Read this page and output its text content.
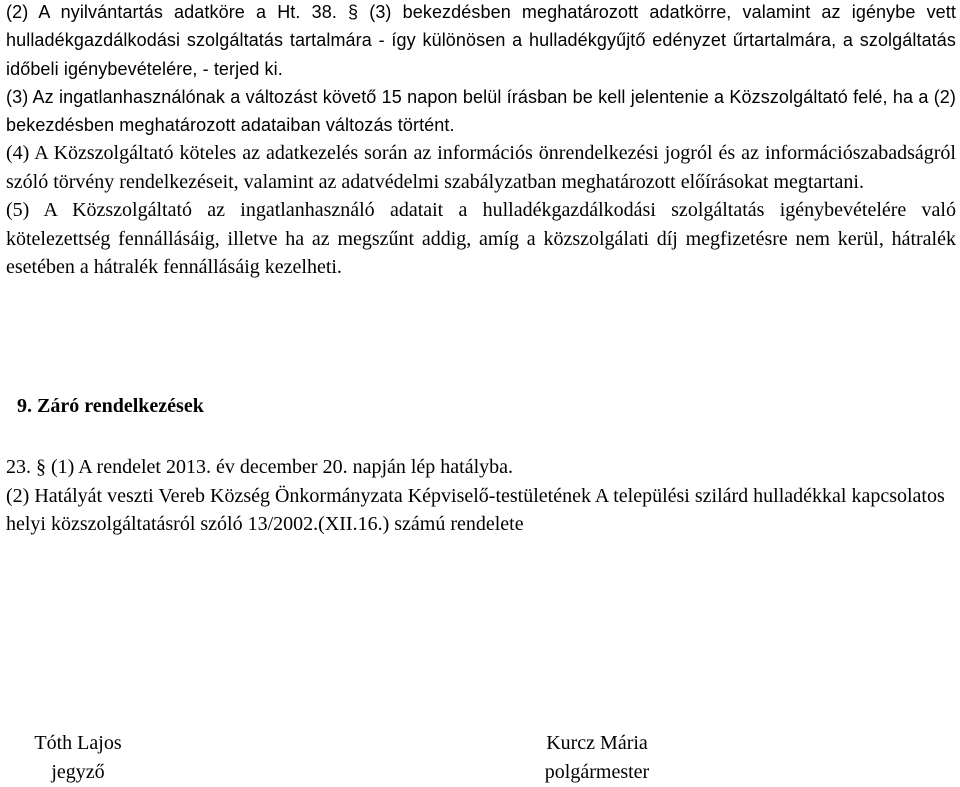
(2) A nyilvántartás adatköre a Ht. 38. § (3) bekezdésben meghatározott adatkörre, valamint az igénybe vett hulladékgazdálkodási szolgáltatás tartalmára - így különösen a hulladékgyűjtő edényzet űrtartalmára, a szolgáltatás időbeli igénybevételére, - terjed ki.

(3) Az ingatlanhasználónak a változást követő 15 napon belül írásban be kell jelentenie a Közszolgáltató felé, ha a (2) bekezdésben meghatározott adataiban változás történt.

(4) A Közszolgáltató köteles az adatkezelés során az információs önrendelkezési jogról és az információszabadságról szóló törvény rendelkezéseit, valamint az adatvédelmi szabályzatban meghatározott előírásokat megtartani.

(5) A Közszolgáltató az ingatlanhasználó adatait a hulladékgazdálkodási szolgáltatás igénybevételére való kötelezettség fennállásáig, illetve ha az megszűnt addig, amíg a közszolgálati díj megfizetésre nem kerül, hátralék esetében a hátralék fennállásáig kezelheti.

9. Záró rendelkezések

23. § (1) A rendelet 2013. év december 20. napján lép hatályba.

(2) Hatályát veszti Vereb Község Önkormányzata Képviselő-testületének A települési szilárd hulladékkal kapcsolatos helyi közszolgáltatásról szóló 13/2002.(XII.16.) számú rendelete

Tóth Lajos
jegyző
Kurcz Mária
polgármester
